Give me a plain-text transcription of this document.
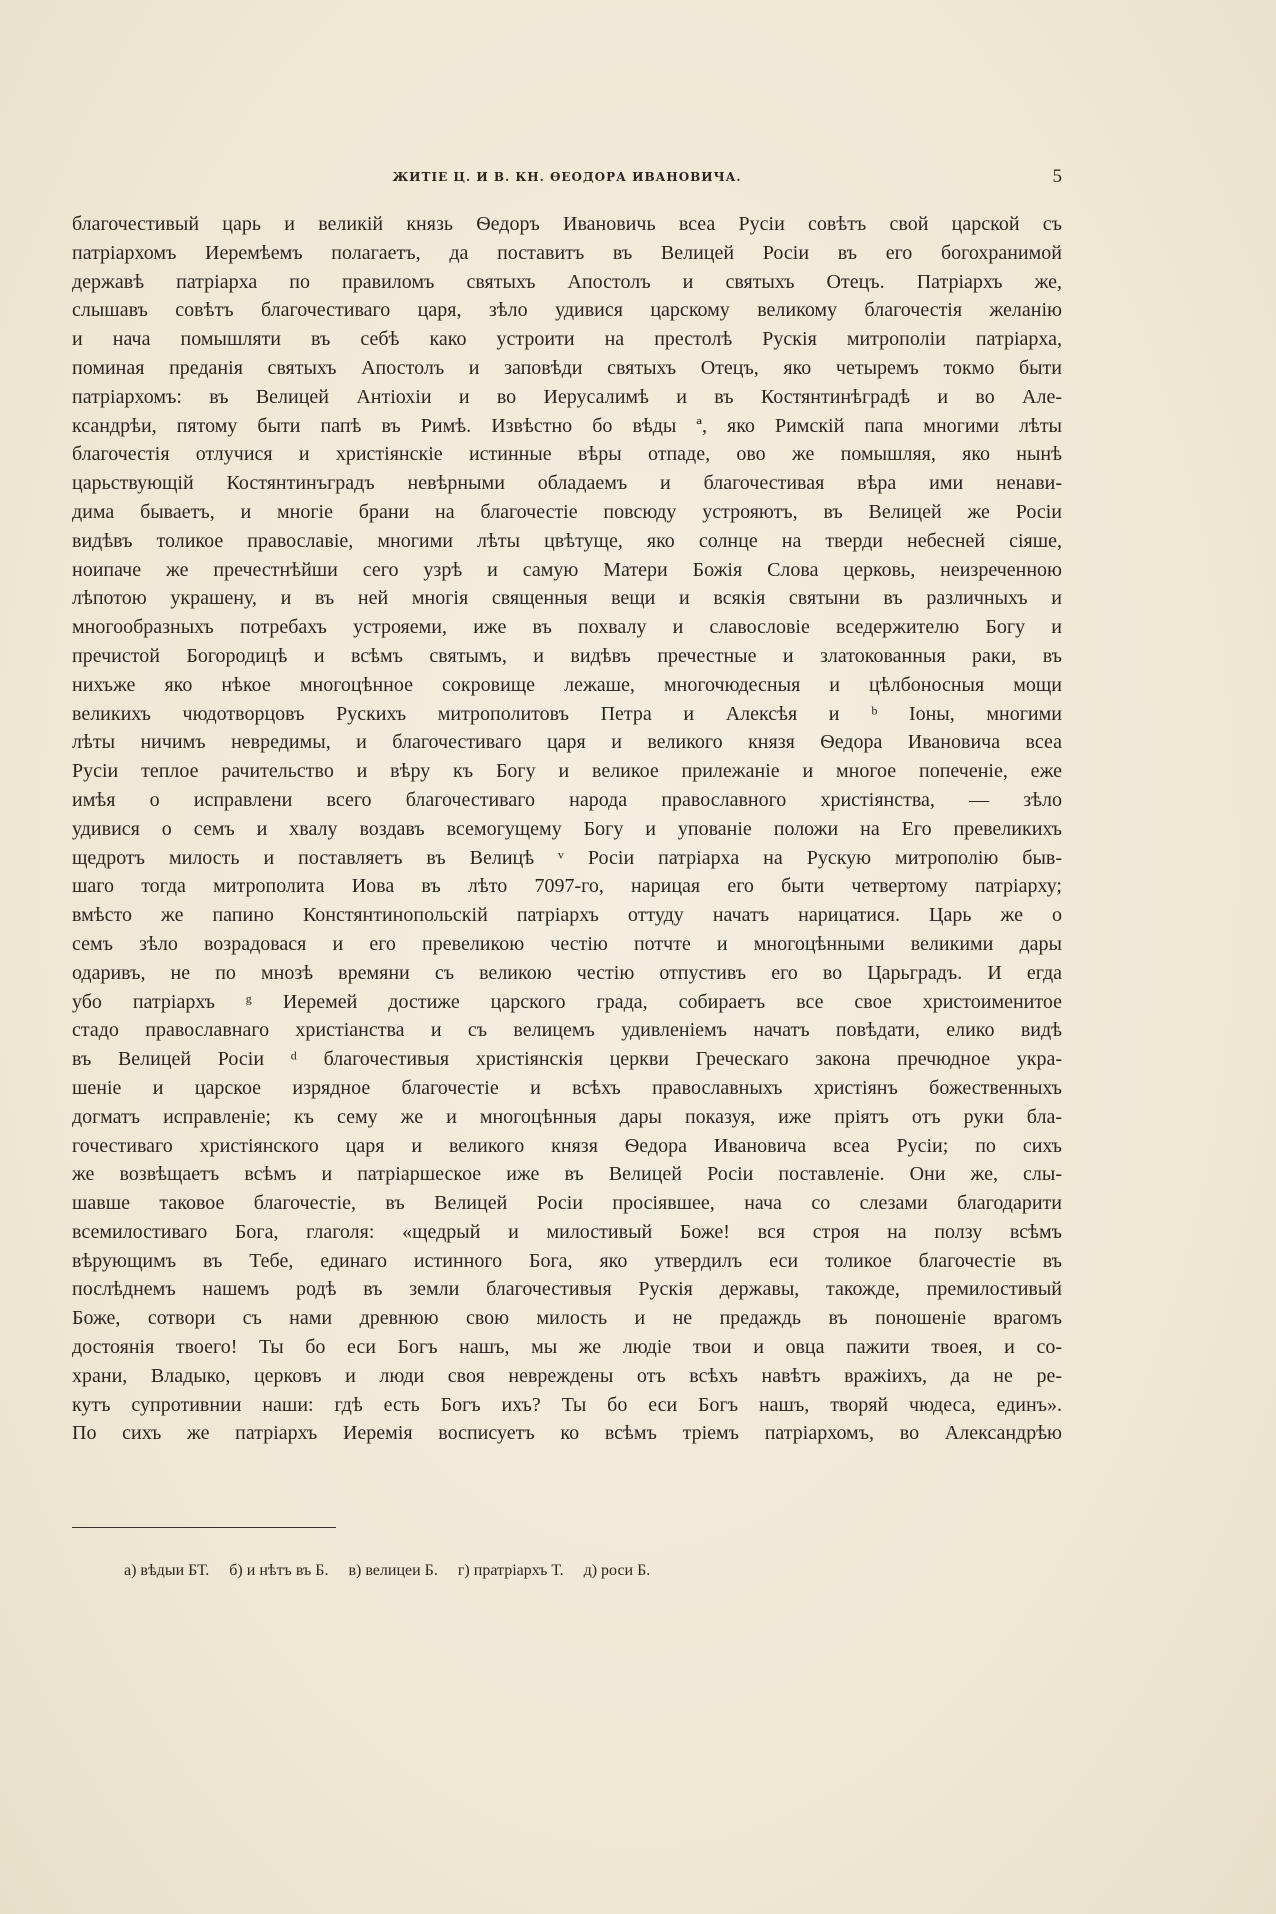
ЖИТІЕ Ц. И В. КН. ѲЕОДОРА ИВАНОВИЧА.	5
благочестивый царь и великій князь Ѳедоръ Ивановичь всеа Русіи совѣтъ свой царской съ
патріархомъ Иеремѣемъ полагаетъ, да поставитъ въ Велицей Росіи въ его богохранимой
державѣ патріарха по правиломъ святыхъ Апостолъ и святыхъ Отецъ. Патріархъ же,
слышавъ совѣтъ благочестиваго царя, зѣло удивися царскому великому благочестія желанію
и нача помышляти въ себѣ како устроити на престолѣ Рускія митрополіи патріарха,
поминая преданія святыхъ Апостолъ и заповѣди святыхъ Отецъ, яко четыремъ токмо быти
патріархомъ: въ Велицей Антіохіи и во Иерусалимѣ и въ Костянтинѣградѣ и во Але-
ксандрѣи, пятому быти папѣ въ Римѣ. Извѣстно бо вѣды ª, яко Римскій папа многими лѣты
благочестія отлучися и христіянскіе истинные вѣры отпаде, ово же помышляя, яко нынѣ
царьствующій Костянтинъградъ невѣрными обладаемъ и благочестивая вѣра ими ненави-
дима бываетъ, и многіе брани на благочестіе повсюду устрояютъ, въ Велицей же Росіи
видѣвъ толикое православіе, многими лѣты цвѣтуще, яко солнце на тверди небесней сіяше,
ноипаче же пречестнѣйши сего узрѣ и самую Матери Божія Слова церковь, неизреченною
лѣпотою украшену, и въ ней многія священныя вещи и всякія святыни въ различныхъ и
многообразныхъ потребахъ устрояеми, иже въ похвалу и славословіе вседержителю Богу и
пречистой Богородицѣ и всѣмъ святымъ, и видѣвъ пречестные и златокованныя раки, въ
нихъже яко нѣкое многоцѣнное сокровище лежаше, многочюдесныя и цѣлбоносныя мощи
великихъ чюдотворцовъ Рускихъ митрополитовъ Петра и Алексѣя и ᵇ Іоны, многими
лѣты ничимъ невредимы, и благочестиваго царя и великого князя Ѳедора Ивановича всеа
Русіи теплое рачительство и вѣру къ Богу и великое прилежаніе и многое попеченіе, еже
имѣя о исправлени всего благочестиваго народа православного христіянства, — зѣло
удивися о семъ и хвалу воздавъ всемогущему Богу и упованіе положи на Его превеликихъ
щедротъ милость и поставляетъ въ Велицѣ ᵛ Росіи патріарха на Рускую митрополію быв-
шаго тогда митрополита Иова въ лѣто 7097-го, нарицая его быти четвертому патріарху;
вмѣсто же папино Констянтинопольскій патріархъ оттуду начатъ нарицатися. Царь же о
семъ зѣло возрадовася и его превеликою честію потчте и многоцѣнными великими дары
одаривъ, не по мнозѣ времяни съ великою честію отпустивъ его во Царьградъ. И егда
убо патріархъ ᵍ Иеремей достиже царского града, собираетъ все свое христоименитое
стадо православнаго христіанства и съ велицемъ удивленіемъ начатъ повѣдати, елико видѣ
въ Велицей Росіи ᵈ благочестивыя христіянскія церкви Греческаго закона пречюдное укра-
шеніе и царское изрядное благочестіе и всѣхъ православныхъ христіянъ божественныхъ
догматъ исправленіе; къ сему же и многоцѣнныя дары показуя, иже пріятъ отъ руки бла-
гочестиваго христіянского царя и великого князя Ѳедора Ивановича всеа Русіи; по сихъ
же возвѣщаетъ всѣмъ и патріаршеское иже въ Велицей Росіи поставленіе. Они же, слы-
шавше таковое благочестіе, въ Велицей Росіи просіявшее, нача со слезами благодарити
всемилостиваго Бога, глаголя: «щедрый и милостивый Боже! вся строя на ползу всѣмъ
вѣрующимъ въ Тебе, единаго истинного Бога, яко утвердилъ еси толикое благочестіе въ
послѣднемъ нашемъ родѣ въ земли благочестивыя Рускія державы, такожде, премилостивый
Боже, сотвори съ нами древнюю свою милость и не предаждь въ поношеніе врагомъ
достоянія твоего! Ты бо еси Богъ нашъ, мы же людіе твои и овца пажити твоея, и со-
храни, Владыко, церковъ и люди своя невреждены отъ всѣхъ навѣтъ вражіихъ, да не ре-
кутъ супротивнии наши: гдѣ есть Богъ ихъ? Ты бо еси Богъ нашъ, творяй чюдеса, единъ».
По сихъ же патріархъ Иеремія восписуетъ ко всѣмъ тріемъ патріархомъ, во Александрѣю
а) вѣдыи БТ. б) и нѣтъ въ Б. в) велицеи Б. г) пратріархъ Т. д) роси Б.
